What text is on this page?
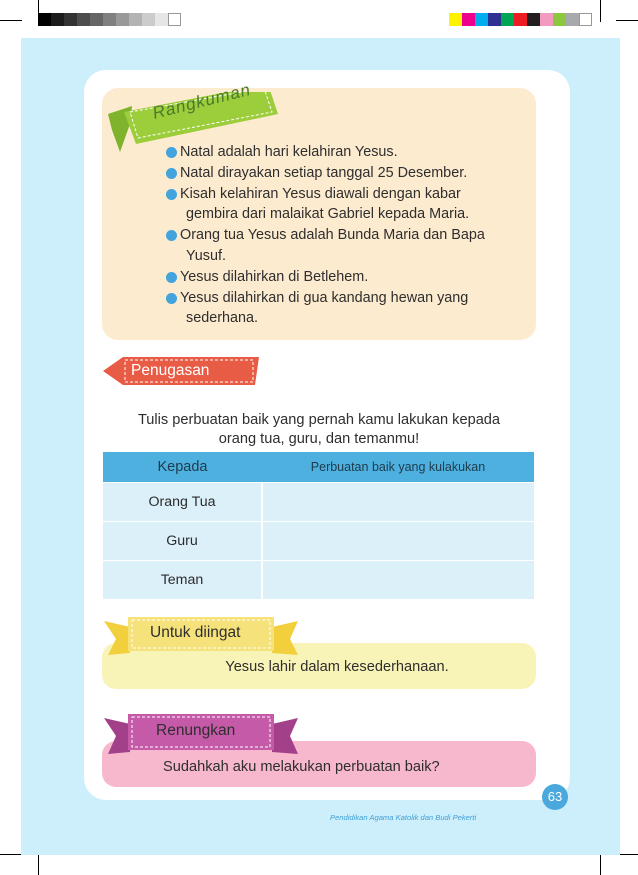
Rangkuman
Natal adalah hari kelahiran Yesus.
Natal dirayakan setiap tanggal 25 Desember.
Kisah kelahiran Yesus diawali dengan kabar
gembira dari malaikat Gabriel kepada Maria.
Orang tua Yesus adalah Bunda Maria dan Bapa
Yusuf.
Yesus dilahirkan di Betlehem.
Yesus dilahirkan di gua kandang hewan yang
sederhana.
Penugasan
Tulis perbuatan baik yang pernah kamu lakukan kepada
orang tua, guru, dan temanmu!
Kepada	Perbuatan baik yang kulakukan
Orang Tua	
Guru	
Teman	
Untuk diingat
Yesus lahir dalam kesederhanaan.
Renungkan
Sudahkah aku melakukan perbuatan baik?
Pendidikan Agama Katolik dan Budi Pekerti
63
